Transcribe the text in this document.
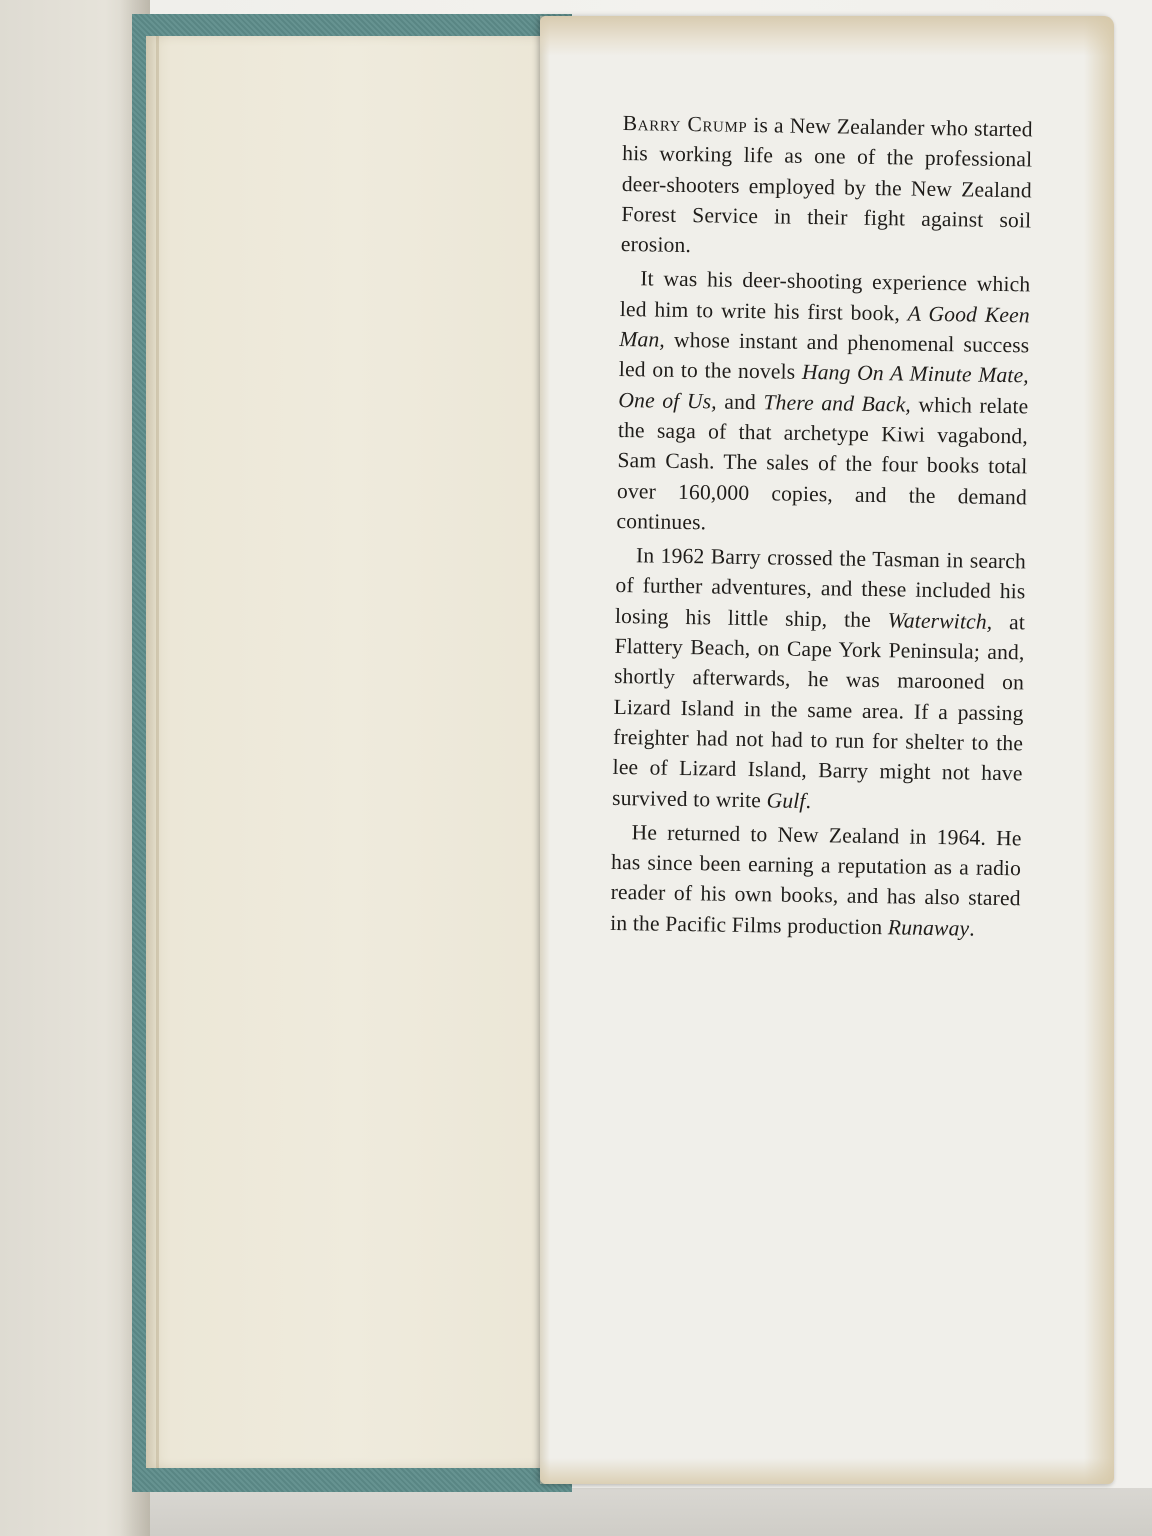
Barry Crump is a New Zealander who started his working life as one of the professional deer-shooters employed by the New Zealand Forest Service in their fight against soil erosion.

It was his deer-shooting experience which led him to write his first book, A Good Keen Man, whose instant and phenomenal success led on to the novels Hang On A Minute Mate, One of Us, and There and Back, which relate the saga of that archetype Kiwi vagabond, Sam Cash. The sales of the four books total over 160,000 copies, and the demand continues.

In 1962 Barry crossed the Tasman in search of further adventures, and these included his losing his little ship, the Waterwitch, at Flattery Beach, on Cape York Peninsula; and, shortly afterwards, he was marooned on Lizard Island in the same area. If a passing freighter had not had to run for shelter to the lee of Lizard Island, Barry might not have survived to write Gulf.

He returned to New Zealand in 1964. He has since been earning a reputation as a radio reader of his own books, and has also stared in the Pacific Films production Runaway.
